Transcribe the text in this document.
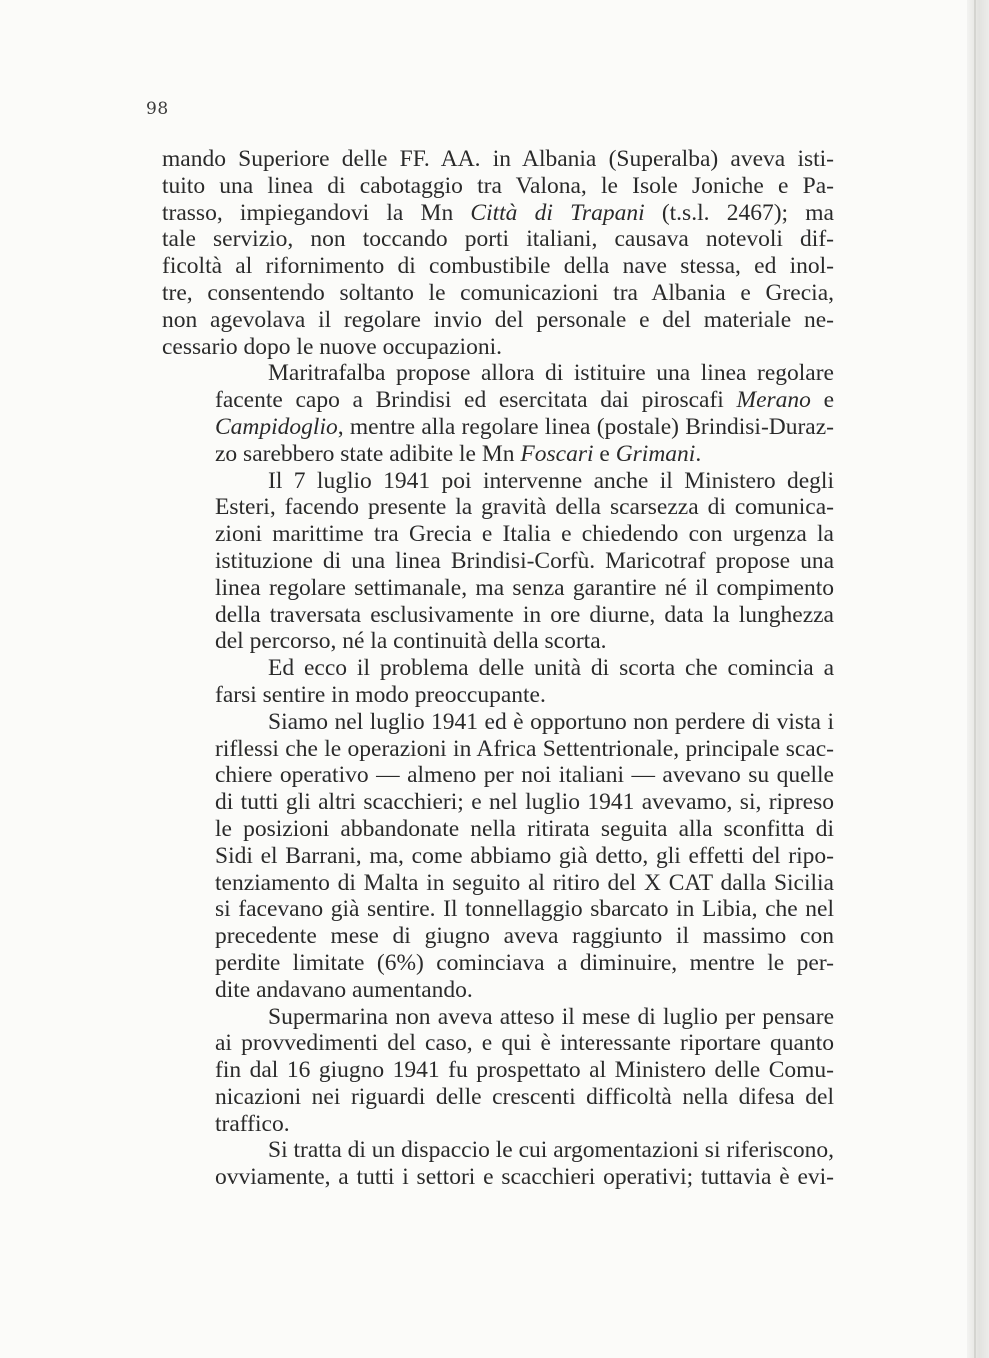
98

mando Superiore delle FF. AA. in Albania (Superalba) aveva isti-
tuito una linea di cabotaggio tra Valona, le Isole Joniche e Pa-
trasso, impiegandovi la Mn Città di Trapani (t.s.l. 2467); ma
tale servizio, non toccando porti italiani, causava notevoli dif-
ficoltà al rifornimento di combustibile della nave stessa, ed inol-
tre, consentendo soltanto le comunicazioni tra Albania e Grecia,
non agevolava il regolare invio del personale e del materiale ne-
cessario dopo le nuove occupazioni.

Maritrafalba propose allora di istituire una linea regolare
facente capo a Brindisi ed esercitata dai piroscafi Merano e
Campidoglio, mentre alla regolare linea (postale) Brindisi-Duraz-
zo sarebbero state adibite le Mn Foscari e Grimani.

Il 7 luglio 1941 poi intervenne anche il Ministero degli
Esteri, facendo presente la gravità della scarsezza di comunica-
zioni marittime tra Grecia e Italia e chiedendo con urgenza la
istituzione di una linea Brindisi-Corfù. Maricotraf propose una
linea regolare settimanale, ma senza garantire né il compimento
della traversata esclusivamente in ore diurne, data la lunghezza
del percorso, né la continuità della scorta.

Ed ecco il problema delle unità di scorta che comincia a
farsi sentire in modo preoccupante.

Siamo nel luglio 1941 ed è opportuno non perdere di vista i
riflessi che le operazioni in Africa Settentrionale, principale scac-
chiere operativo — almeno per noi italiani — avevano su quelle
di tutti gli altri scacchieri; e nel luglio 1941 avevamo, si, ripreso
le posizioni abbandonate nella ritirata seguita alla sconfitta di
Sidi el Barrani, ma, come abbiamo già detto, gli effetti del ripo-
tenziamento di Malta in seguito al ritiro del X CAT dalla Sicilia
si facevano già sentire. Il tonnellaggio sbarcato in Libia, che nel
precedente mese di giugno aveva raggiunto il massimo con
perdite limitate (6%) cominciava a diminuire, mentre le per-
dite andavano aumentando.

Supermarina non aveva atteso il mese di luglio per pensare
ai provvedimenti del caso, e qui è interessante riportare quanto
fin dal 16 giugno 1941 fu prospettato al Ministero delle Comu-
nicazioni nei riguardi delle crescenti difficoltà nella difesa del
traffico.

Si tratta di un dispaccio le cui argomentazioni si riferiscono,
ovviamente, a tutti i settori e scacchieri operativi; tuttavia è evi-
